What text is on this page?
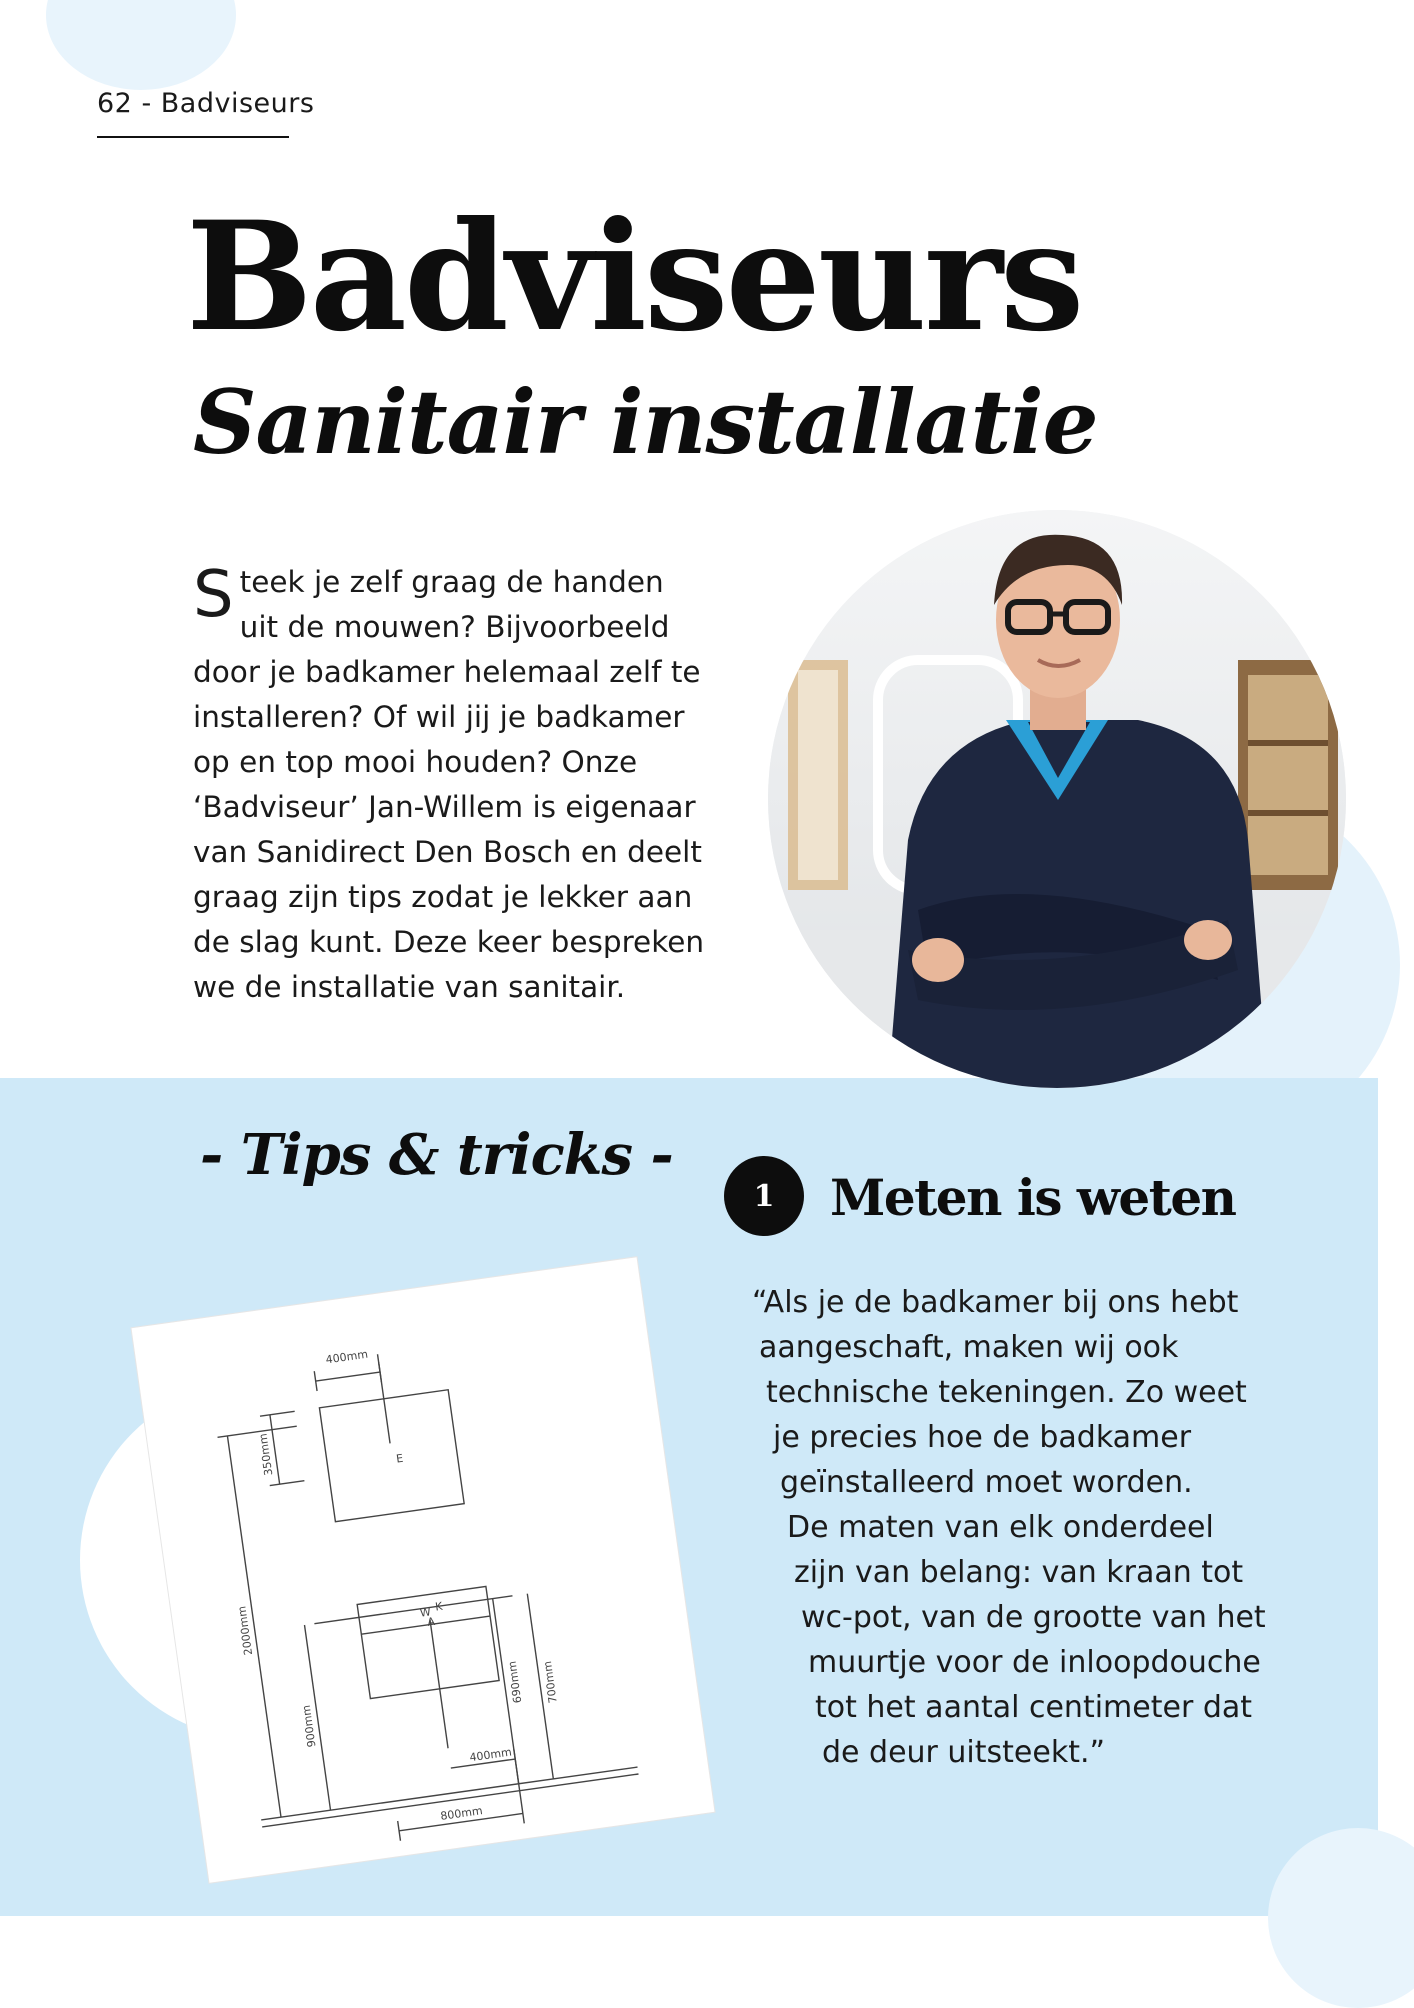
62 - Badviseurs
Badviseurs
Sanitair installatie
S teek je zelf graag de handen
uit de mouwen? Bijvoorbeeld
door je badkamer helemaal zelf te
installeren? Of wil jij je badkamer
op en top mooi houden? Onze
‘Badviseur’ Jan-Willem is eigenaar
van Sanidirect Den Bosch en deelt
graag zijn tips zodat je lekker aan
de slag kunt. Deze keer bespreken
we de installatie van sanitair.
- Tips & tricks -
1	Meten is weten
“Als je de badkamer bij ons hebt
aangeschaft, maken wij ook
technische tekeningen. Zo weet
je precies hoe de badkamer
geïnstalleerd moet worden.
De maten van elk onderdeel
zijn van belang: van kraan tot
wc-pot, van de grootte van het
muurtje voor de inloopdouche
tot het aantal centimeter dat
de deur uitsteekt.”
400mm
E
W
A
K
400mm
800mm
350mm
2000mm
900mm
690mm 700mm
